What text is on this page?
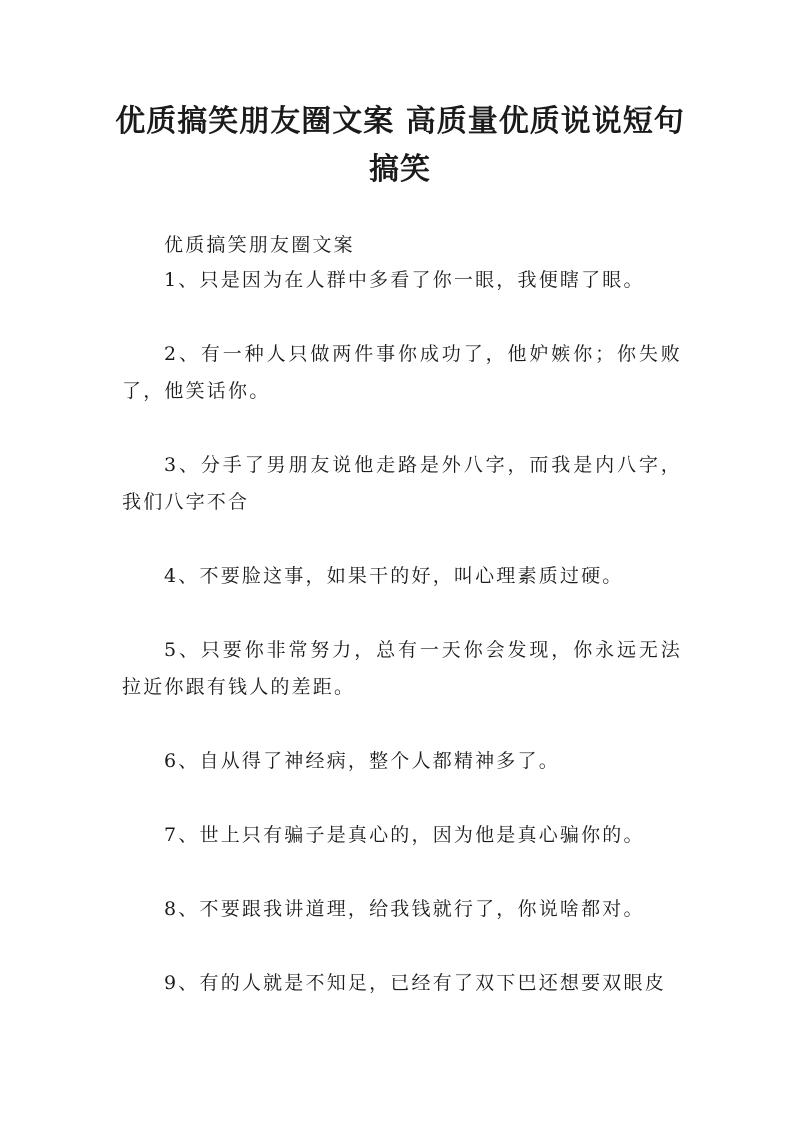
优质搞笑朋友圈文案 高质量优质说说短句搞笑
优质搞笑朋友圈文案

1、只是因为在人群中多看了你一眼，我便瞎了眼。

2、有一种人只做两件事你成功了，他妒嫉你；你失败了，他笑话你。

3、分手了男朋友说他走路是外八字，而我是内八字，我们八字不合

4、不要脸这事，如果干的好，叫心理素质过硬。

5、只要你非常努力，总有一天你会发现，你永远无法拉近你跟有钱人的差距。

6、自从得了神经病，整个人都精神多了。

7、世上只有骗子是真心的，因为他是真心骗你的。

8、不要跟我讲道理，给我钱就行了，你说啥都对。

9、有的人就是不知足，已经有了双下巴还想要双眼皮
